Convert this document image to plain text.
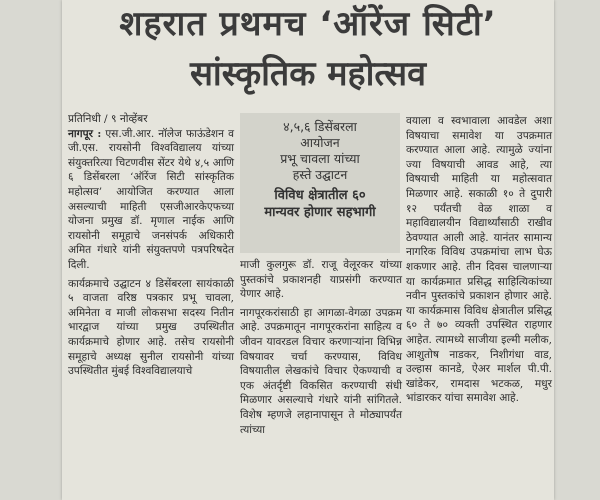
शहरात प्रथमच ‘ऑरेंज सिटी’
सांस्कृतिक महोत्सव
प्रतिनिधी / ९ नोव्हेंबर
नागपूर : एस.जी.आर. नॉलेज फाऊंडेशन व जी.एस. रायसोनी विश्‍वविद्यालय यांच्या संयुक्तरित्या चिटणवीस सेंटर येथे ४,५ आणि ६ डिसेंबरला ‘ऑरेंज सिटी सांस्कृतिक महोत्सव’ आयोजित करण्यात आला असल्याची माहिती एसजीआरकेएफच्या योजना प्रमुख डॉ. मृणाल नाईक आणि रायसोनी समूहाचे जनसंपर्क अधिकारी अमित गंधारे यांनी संयुक्तपणे पत्रपरिषदेत दिली.

कार्यक्रमाचे उद्घाटन ४ डिसेंबरला सायंकाळी ५ वाजता वरिष्ठ पत्रकार प्रभू चावला, अमिनेता व माजी लोकसभा सदस्य नितीन भारद्वाज यांच्या प्रमुख उपस्थितीत कार्यक्रमाचे होणार आहे. तसेच रायसोनी समूहाचे अध्यक्ष सुनील रायसोनी यांच्या उपस्थितीत मुंबई विश्‍वविद्यालयाचे
४,५,६ डिसेंबरला
आयोजन
प्रभू चावला यांच्या
हस्ते उद्घाटन
विविध क्षेत्रातील ६०
मान्यवर होणार सहभागी
माजी कुलगुरू डॉ. राजू वेलूरकर यांच्या पुस्तकांचे प्रकाशनही याप्रसंगी करण्यात येणार आहे.

नागपूरकरांसाठी हा आगळा-वेगळा उपक्रम आहे. उपक्रमातून नागपूरकरांना साहित्य व जीवन यावरडल विचार करणाऱ्यांना विभिन्न विषयावर चर्चा करण्यास, विविध विषयातील लेखकांचे विचार ऐकण्याची व एक अंतर्दृष्टी विकसित करण्याची संधी मिळणार असल्याचे गंधारे यांनी सांगितले. विशेष म्हणजे लहानापासून ते मोठ्यापर्यंत त्यांच्या
वयाला व स्वभावाला आवडेल अशा विषयाचा समावेश या उपक्रमात करण्यात आला आहे. त्यामुळे ज्यांना ज्या विषयाची आवड आहे, त्या विषयाची माहिती या महोत्सवात मिळणार आहे. सकाळी १० ते दुपारी १२ पर्यंतची वेळ शाळा व महाविद्यालयीन विद्यार्थ्यांसाठी राखीव ठेवण्यात आली आहे. यानंतर सामान्य नागरिक विविध उपक्रमांचा लाभ घेऊ शकणार आहे. तीन दिवस चालणाऱ्या या कार्यक्रमात प्रसिद्ध साहित्यिकांच्या नवीन पुस्तकांचे प्रकाशन होणार आहे. या कार्यक्रमास विविध क्षेत्रातील प्रसिद्ध ६० ते ७० व्यक्ती उपस्थित राहणार आहेत. त्यामध्ये साजीया इल्मी मलीक, आशुतोष नाडकर, निशीगंधा वाड, उल्हास कानडे, ऐअर मार्शल पी.पी. खांडेकर, रामदास भटकळ, मधुर भांडारकर यांचा समावेश आहे.
